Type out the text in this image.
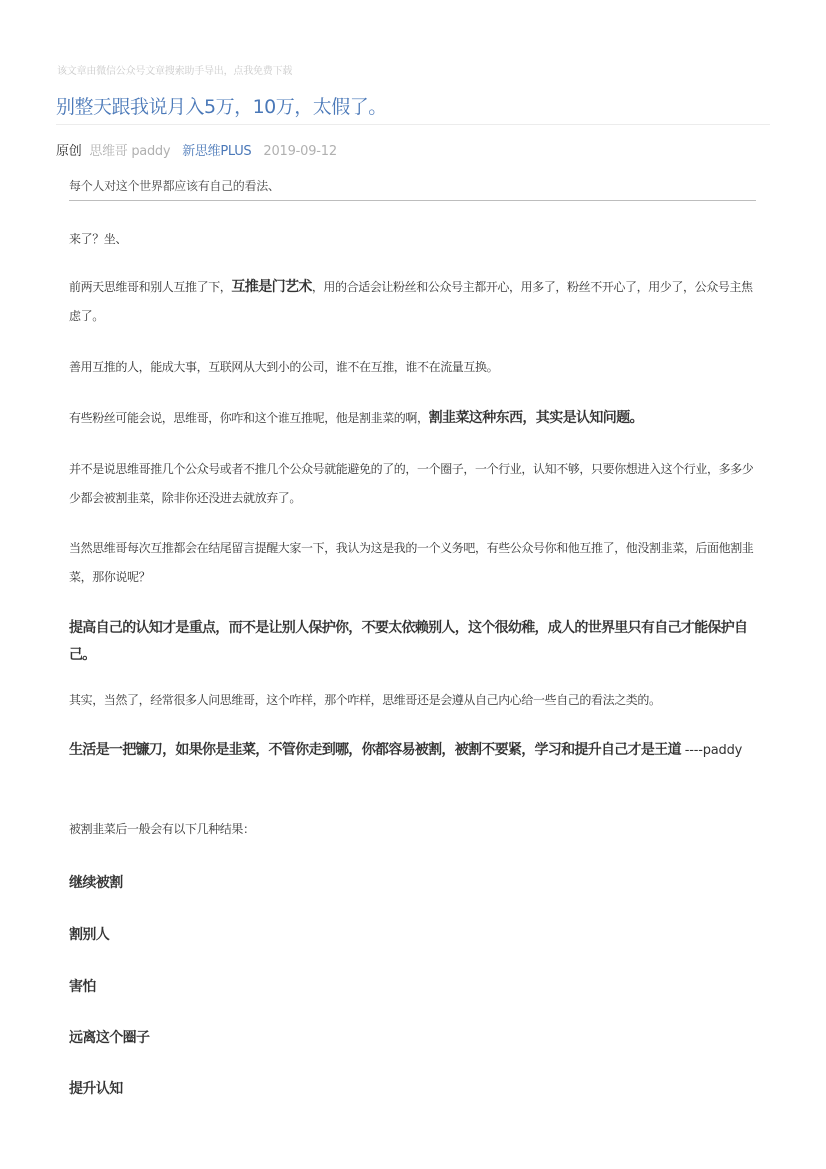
该文章由微信公众号文章搜索助手导出，点我免费下载
别整天跟我说月入5万，10万，太假了。
原创 思维哥 paddy 新思维PLUS 2019-09-12
每个人对这个世界都应该有自己的看法、

来了？坐、

前两天思维哥和别人互推了下，互推是门艺术，用的合适会让粉丝和公众号主都开心，用多了，粉丝不开心了，用少了，公众号主焦虑了。

善用互推的人，能成大事，互联网从大到小的公司，谁不在互推，谁不在流量互换。

有些粉丝可能会说，思维哥，你咋和这个谁互推呢，他是割韭菜的啊，割韭菜这种东西，其实是认知问题。

并不是说思维哥推几个公众号或者不推几个公众号就能避免的了的，一个圈子，一个行业，认知不够，只要你想进入这个行业，多多少少都会被割韭菜，除非你还没进去就放弃了。

当然思维哥每次互推都会在结尾留言提醒大家一下，我认为这是我的一个义务吧，有些公众号你和他互推了，他没割韭菜，后面他割韭菜，那你说呢？

提高自己的认知才是重点，而不是让别人保护你，不要太依赖别人，这个很幼稚，成人的世界里只有自己才能保护自己。

其实，当然了，经常很多人问思维哥，这个咋样，那个咋样，思维哥还是会遵从自己内心给一些自己的看法之类的。

生活是一把镰刀，如果你是韭菜，不管你走到哪，你都容易被割，被割不要紧，学习和提升自己才是王道 ----paddy

被割韭菜后一般会有以下几种结果：

继续被割
割别人
害怕
远离这个圈子
提升认知
